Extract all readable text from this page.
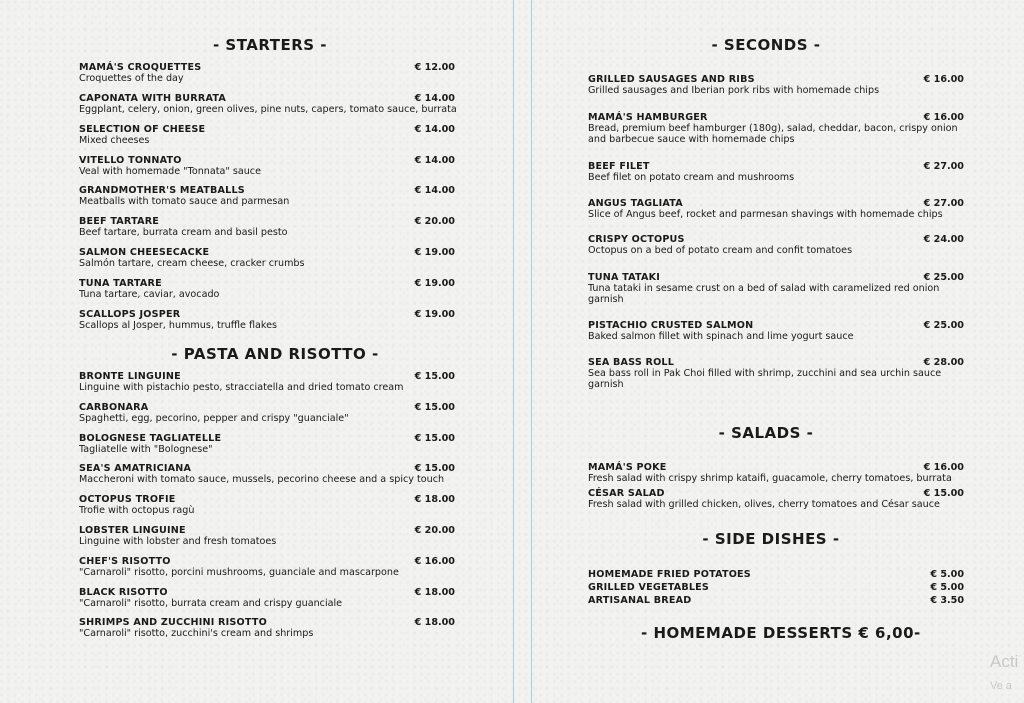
- STARTERS -
MAMÁ'S CROQUETTES
Croquettes of the day
€ 12.00
CAPONATA WITH BURRATA
Eggplant, celery, onion, green olives, pine nuts, capers, tomato sauce, burrata
€ 14.00
SELECTION OF CHEESE
Mixed cheeses
€ 14.00
VITELLO TONNATO
Veal with homemade "Tonnata" sauce
€ 14.00
GRANDMOTHER'S MEATBALLS
Meatballs with tomato sauce and parmesan
€ 14.00
BEEF TARTARE
Beef tartare, burrata cream and basil pesto
€ 20.00
SALMON CHEESECACKE
Salmón tartare, cream cheese, cracker crumbs
€ 19.00
TUNA TARTARE
Tuna tartare, caviar, avocado
€ 19.00
SCALLOPS JOSPER
Scallops al Josper, hummus, truffle flakes
€ 19.00
- PASTA AND RISOTTO -
BRONTE LINGUINE
Linguine with pistachio pesto, stracciatella and dried tomato cream
€ 15.00
CARBONARA
Spaghetti, egg, pecorino, pepper and crispy "guanciale"
€ 15.00
BOLOGNESE TAGLIATELLE
Tagliatelle with "Bolognese"
€ 15.00
SEA'S AMATRICIANA
Maccheroni with tomato sauce, mussels, pecorino cheese and a spicy touch
€ 15.00
OCTOPUS TROFIE
Trofie with octopus ragù
€ 18.00
LOBSTER LINGUINE
Linguine with lobster and fresh tomatoes
€ 20.00
CHEF'S RISOTTO
"Carnaroli" risotto, porcini mushrooms, guanciale and mascarpone
€ 16.00
BLACK RISOTTO
"Carnaroli" risotto, burrata cream and crispy guanciale
€ 18.00
SHRIMPS AND ZUCCHINI RISOTTO
"Carnaroli" risotto, zucchini's cream and shrimps
€ 18.00
- SECONDS -
GRILLED SAUSAGES AND RIBS
Grilled sausages and Iberian pork ribs with homemade chips
€ 16.00
MAMÁ'S HAMBURGER
Bread, premium beef hamburger (180g), salad, cheddar, bacon, crispy onion
and barbecue sauce with homemade chips
€ 16.00
BEEF FILET
Beef filet on potato cream and mushrooms
€ 27.00
ANGUS TAGLIATA
Slice of Angus beef, rocket and parmesan shavings with homemade chips
€ 27.00
CRISPY OCTOPUS
Octopus on a bed of potato cream and confit tomatoes
€ 24.00
TUNA TATAKI
Tuna tataki in sesame crust on a bed of salad with caramelized red onion
garnish
€ 25.00
PISTACHIO CRUSTED SALMON
Baked salmon fillet with spinach and lime yogurt sauce
€ 25.00
SEA BASS ROLL
Sea bass roll in Pak Choi filled with shrimp, zucchini and sea urchin sauce
garnish
€ 28.00
- SALADS -
MAMÁ'S POKE
Fresh salad with crispy shrimp kataifi, guacamole, cherry tomatoes, burrata
€ 16.00
CÉSAR SALAD
Fresh salad with grilled chicken, olives, cherry tomatoes and César sauce
€ 15.00
- SIDE DISHES -
HOMEMADE FRIED POTATOES	€ 5.00
GRILLED VEGETABLES	€ 5.00
ARTISANAL BREAD	€ 3.50
- HOMEMADE DESSERTS € 6,00-
Acti
Ve a
